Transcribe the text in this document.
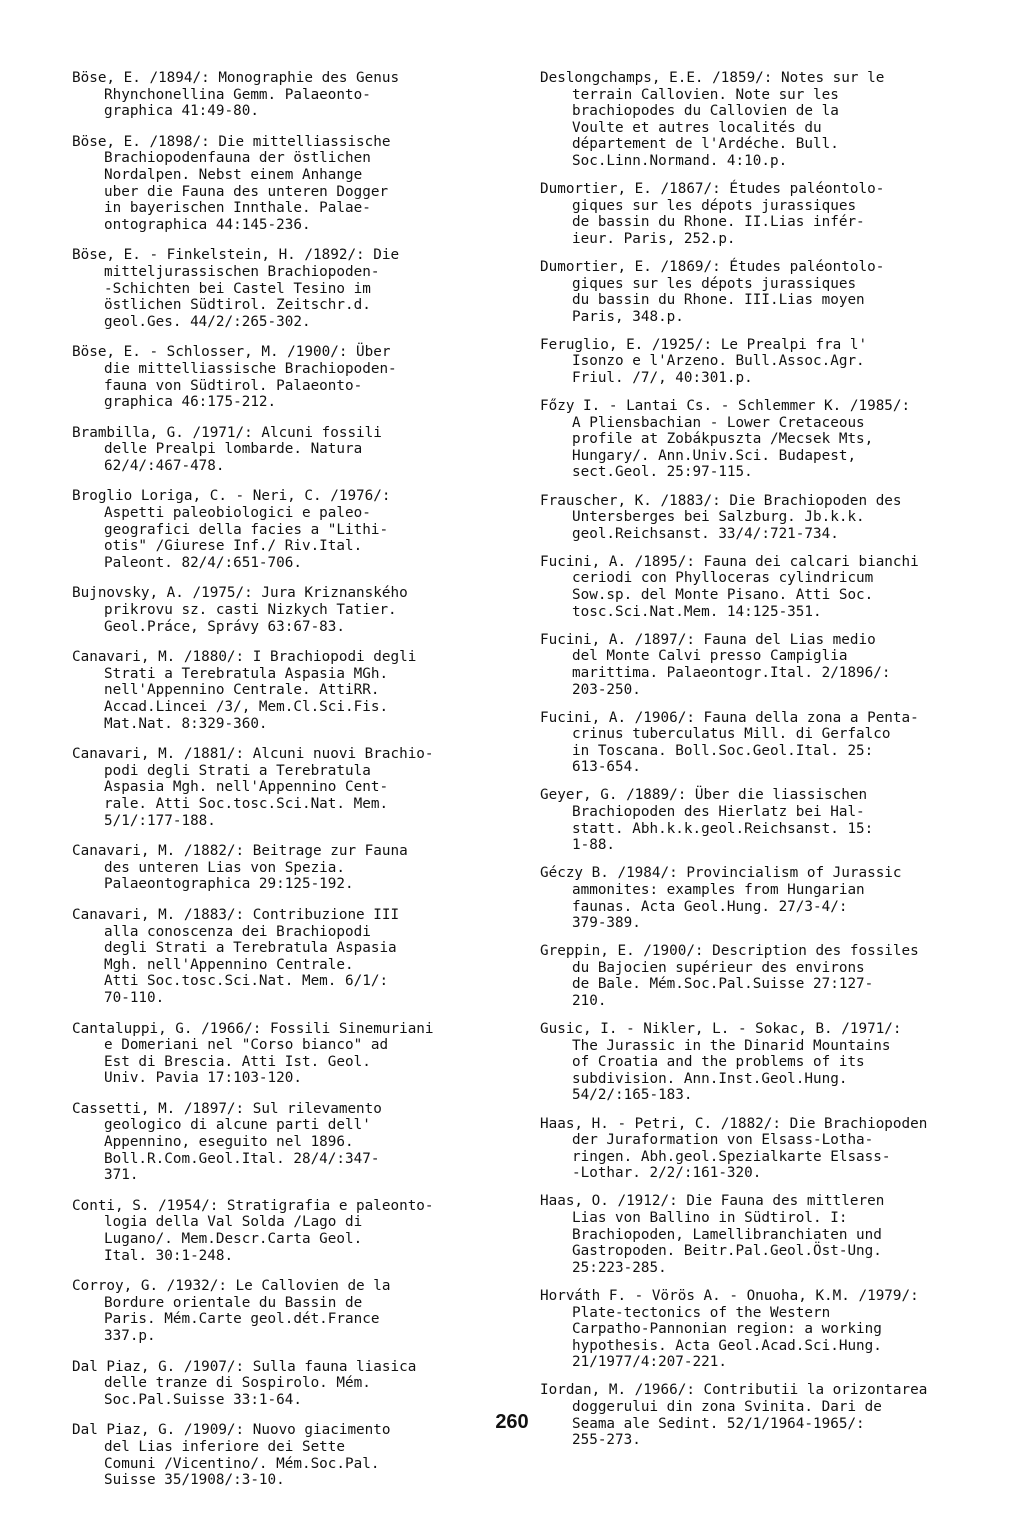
Böse, E. /1894/: Monographie des Genus
Rhynchonellina Gemm. Palaeonto-
graphica 41:49-80.
Böse, E. /1898/: Die mittelliassische
Brachiopodenfauna der östlichen
Nordalpen. Nebst einem Anhange
uber die Fauna des unteren Dogger
in bayerischen Innthale. Palae-
ontographica 44:145-236.
Böse, E. - Finkelstein, H. /1892/: Die
mitteljurassischen Brachiopoden-
-Schichten bei Castel Tesino im
östlichen Südtirol. Zeitschr.d.
geol.Ges. 44/2/:265-302.
Böse, E. - Schlosser, M. /1900/: Über
die mittelliassische Brachiopoden-
fauna von Südtirol. Palaeonto-
graphica 46:175-212.
Brambilla, G. /1971/: Alcuni fossili
delle Prealpi lombarde. Natura
62/4/:467-478.
Broglio Loriga, C. - Neri, C. /1976/:
Aspetti paleobiologici e paleo-
geografici della facies a "Lithi-
otis" /Giurese Inf./ Riv.Ital.
Paleont. 82/4/:651-706.
Bujnovsky, A. /1975/: Jura Kriznanského
prikrovu sz. casti Nizkych Tatier.
Geol.Práce, Správy 63:67-83.
Canavari, M. /1880/: I Brachiopodi degli
Strati a Terebratula Aspasia MGh.
nell'Appennino Centrale. AttiRR.
Accad.Lincei /3/, Mem.Cl.Sci.Fis.
Mat.Nat. 8:329-360.
Canavari, M. /1881/: Alcuni nuovi Brachio-
podi degli Strati a Terebratula
Aspasia Mgh. nell'Appennino Cent-
rale. Atti Soc.tosc.Sci.Nat. Mem.
5/1/:177-188.
Canavari, M. /1882/: Beitrage zur Fauna
des unteren Lias von Spezia.
Palaeontographica 29:125-192.
Canavari, M. /1883/: Contribuzione III
alla conoscenza dei Brachiopodi
degli Strati a Terebratula Aspasia
Mgh. nell'Appennino Centrale.
Atti Soc.tosc.Sci.Nat. Mem. 6/1/:
70-110.
Cantaluppi, G. /1966/: Fossili Sinemuriani
e Domeriani nel "Corso bianco" ad
Est di Brescia. Atti Ist. Geol.
Univ. Pavia 17:103-120.
Cassetti, M. /1897/: Sul rilevamento
geologico di alcune parti dell'
Appennino, eseguito nel 1896.
Boll.R.Com.Geol.Ital. 28/4/:347-
371.
Conti, S. /1954/: Stratigrafia e paleonto-
logia della Val Solda /Lago di
Lugano/. Mem.Descr.Carta Geol.
Ital. 30:1-248.
Corroy, G. /1932/: Le Callovien de la
Bordure orientale du Bassin de
Paris. Mém.Carte geol.dét.France
337.p.
Dal Piaz, G. /1907/: Sulla fauna liasica
delle tranze di Sospirolo. Mém.
Soc.Pal.Suisse 33:1-64.
Dal Piaz, G. /1909/: Nuovo giacimento
del Lias inferiore dei Sette
Comuni /Vicentino/. Mém.Soc.Pal.
Suisse 35/1908/:3-10.
Deslongchamps, E.E. /1859/: Notes sur le
terrain Callovien. Note sur les
brachiopodes du Callovien de la
Voulte et autres localités du
département de l'Ardéche. Bull.
Soc.Linn.Normand. 4:10.p.
Dumortier, E. /1867/: Études paléontolo-
giques sur les dépots jurassiques
de bassin du Rhone. II.Lias infér-
ieur. Paris, 252.p.
Dumortier, E. /1869/: Études paléontolo-
giques sur les dépots jurassiques
du bassin du Rhone. III.Lias moyen
Paris, 348.p.
Feruglio, E. /1925/: Le Prealpi fra l'
Isonzo e l'Arzeno. Bull.Assoc.Agr.
Friul. /7/, 40:301.p.
Főzy I. - Lantai Cs. - Schlemmer K. /1985/:
A Pliensbachian - Lower Cretaceous
profile at Zobákpuszta /Mecsek Mts,
Hungary/. Ann.Univ.Sci. Budapest,
sect.Geol. 25:97-115.
Frauscher, K. /1883/: Die Brachiopoden des
Untersberges bei Salzburg. Jb.k.k.
geol.Reichsanst. 33/4/:721-734.
Fucini, A. /1895/: Fauna dei calcari bianchi
ceriodi con Phylloceras cylindricum
Sow.sp. del Monte Pisano. Atti Soc.
tosc.Sci.Nat.Mem. 14:125-351.
Fucini, A. /1897/: Fauna del Lias medio
del Monte Calvi presso Campiglia
marittima. Palaeontogr.Ital. 2/1896/:
203-250.
Fucini, A. /1906/: Fauna della zona a Penta-
crinus tuberculatus Mill. di Gerfalco
in Toscana. Boll.Soc.Geol.Ital. 25:
613-654.
Geyer, G. /1889/: Über die liassischen
Brachiopoden des Hierlatz bei Hal-
statt. Abh.k.k.geol.Reichsanst. 15:
1-88.
Géczy B. /1984/: Provincialism of Jurassic
ammonites: examples from Hungarian
faunas. Acta Geol.Hung. 27/3-4/:
379-389.
Greppin, E. /1900/: Description des fossiles
du Bajocien supérieur des environs
de Bale. Mém.Soc.Pal.Suisse 27:127-
210.
Gusic, I. - Nikler, L. - Sokac, B. /1971/:
The Jurassic in the Dinarid Mountains
of Croatia and the problems of its
subdivision. Ann.Inst.Geol.Hung.
54/2/:165-183.
Haas, H. - Petri, C. /1882/: Die Brachiopoden
der Juraformation von Elsass-Lotha-
ringen. Abh.geol.Spezialkarte Elsass-
-Lothar. 2/2/:161-320.
Haas, O. /1912/: Die Fauna des mittleren
Lias von Ballino in Südtirol. I:
Brachiopoden, Lamellibranchiaten und
Gastropoden. Beitr.Pal.Geol.Öst-Ung.
25:223-285.
Horváth F. - Vörös A. - Onuoha, K.M. /1979/:
Plate-tectonics of the Western
Carpatho-Pannonian region: a working
hypothesis. Acta Geol.Acad.Sci.Hung.
21/1977/4:207-221.
Iordan, M. /1966/: Contributii la orizontarea
doggerului din zona Svinita. Dari de
Seama ale Sedint. 52/1/1964-1965/:
255-273.
260
